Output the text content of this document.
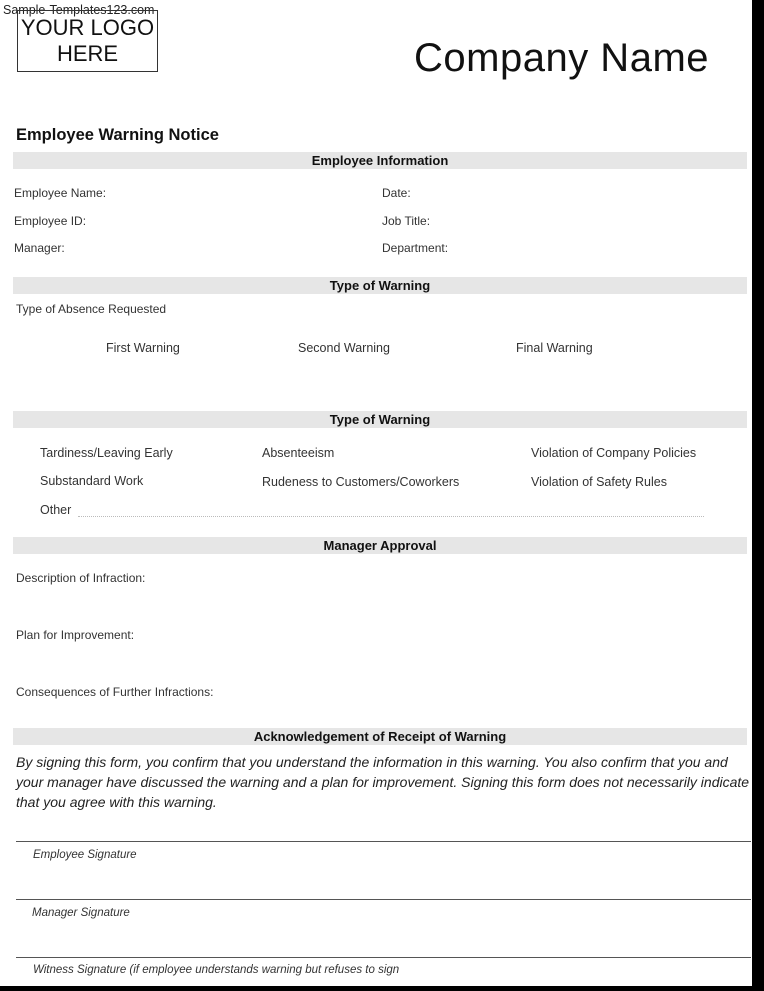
Sample-Templates123.com
YOUR LOGO
HERE	Company Name
Employee Warning Notice
Employee Information
Employee Name:	Date:
Employee ID:	Job Title:
Manager:	Department:
Type of Warning
Type of Absence Requested
First Warning	Second Warning	Final Warning
Type of Warning
Tardiness/Leaving Early	Absenteeism	Violation of Company Policies
Substandard Work	Rudeness to Customers/Coworkers	Violation of Safety Rules
Other
Manager Approval
Description of Infraction:
Plan for Improvement:
Consequences of Further Infractions:
Acknowledgement of Receipt of Warning
By signing this form, you confirm that you understand the information in this warning. You also confirm that you and your manager have discussed the warning and a plan for improvement. Signing this form does not necessarily indicate that you agree with this warning.
Employee Signature
Manager Signature
Witness Signature (if employee understands warning but refuses to sign
